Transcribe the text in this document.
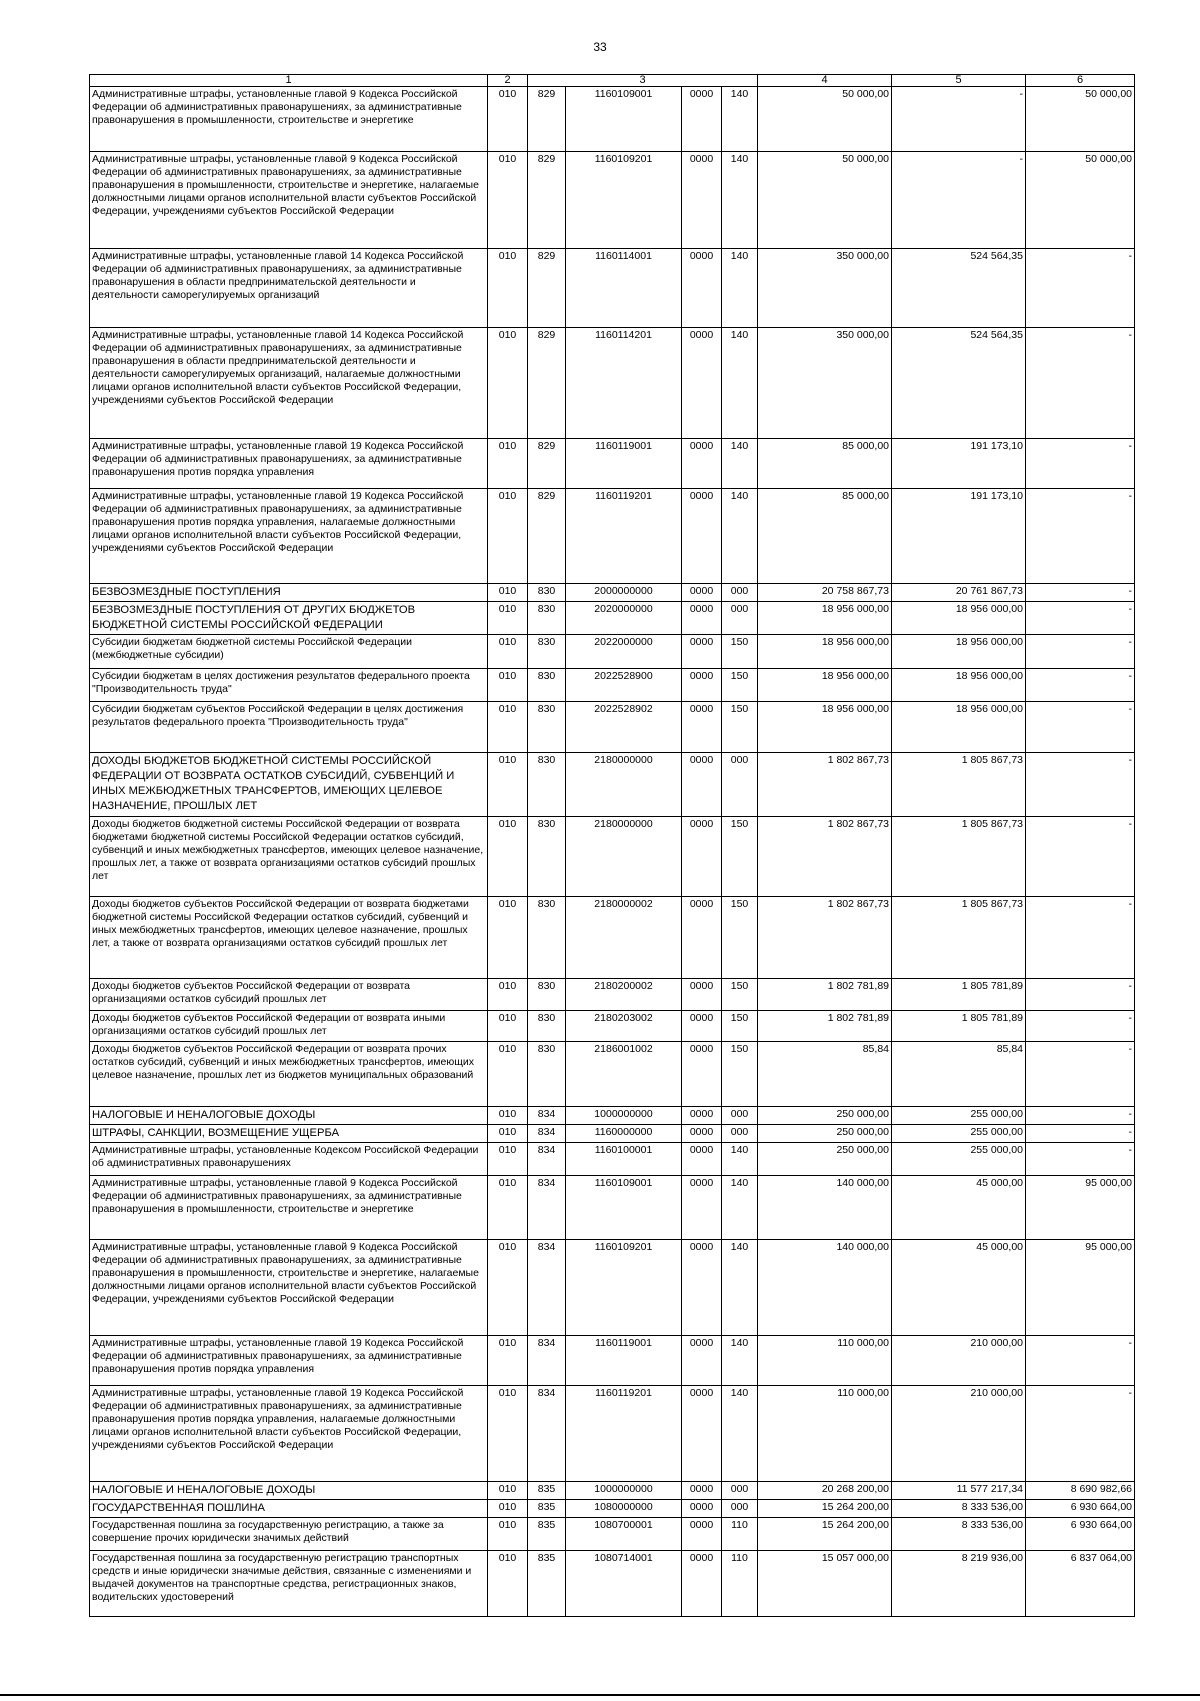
33
1	2	3				4	5	6
Административные штрафы, установленные главой 9 Кодекса Российской Федерации об административных правонарушениях, за административные правонарушения в промышленности, строительстве и энергетике	010	829	1160109001	0000	140	50 000,00	-	50 000,00
Административные штрафы, установленные главой 9 Кодекса Российской Федерации об административных правонарушениях, за административные правонарушения в промышленности, строительстве и энергетике, налагаемые должностными лицами органов исполнительной власти субъектов Российской Федерации, учреждениями субъектов Российской Федерации	010	829	1160109201	0000	140	50 000,00	-	50 000,00
Административные штрафы, установленные главой 14 Кодекса Российской Федерации об административных правонарушениях, за административные правонарушения в области предпринимательской деятельности и деятельности саморегулируемых организаций	010	829	1160114001	0000	140	350 000,00	524 564,35	-
Административные штрафы, установленные главой 14 Кодекса Российской Федерации об административных правонарушениях, за административные правонарушения в области предпринимательской деятельности и деятельности саморегулируемых организаций, налагаемые должностными лицами органов исполнительной власти субъектов Российской Федерации, учреждениями субъектов Российской Федерации	010	829	1160114201	0000	140	350 000,00	524 564,35	-
Административные штрафы, установленные главой 19 Кодекса Российской Федерации об административных правонарушениях, за административные правонарушения против порядка управления	010	829	1160119001	0000	140	85 000,00	191 173,10	-
Административные штрафы, установленные главой 19 Кодекса Российской Федерации об административных правонарушениях, за административные правонарушения против порядка управления, налагаемые должностными лицами органов исполнительной власти субъектов Российской Федерации, учреждениями субъектов Российской Федерации	010	829	1160119201	0000	140	85 000,00	191 173,10	-
БЕЗВОЗМЕЗДНЫЕ ПОСТУПЛЕНИЯ	010	830	2000000000	0000	000	20 758 867,73	20 761 867,73	-
БЕЗВОЗМЕЗДНЫЕ ПОСТУПЛЕНИЯ ОТ ДРУГИХ БЮДЖЕТОВ БЮДЖЕТНОЙ СИСТЕМЫ РОССИЙСКОЙ ФЕДЕРАЦИИ	010	830	2020000000	0000	000	18 956 000,00	18 956 000,00	-
Субсидии бюджетам бюджетной системы Российской Федерации (межбюджетные субсидии)	010	830	2022000000	0000	150	18 956 000,00	18 956 000,00	-
Субсидии бюджетам в целях достижения результатов федерального проекта "Производительность труда"	010	830	2022528900	0000	150	18 956 000,00	18 956 000,00	-
Субсидии бюджетам субъектов Российской Федерации в целях достижения результатов федерального проекта "Производительность труда"	010	830	2022528902	0000	150	18 956 000,00	18 956 000,00	-
ДОХОДЫ БЮДЖЕТОВ БЮДЖЕТНОЙ СИСТЕМЫ РОССИЙСКОЙ ФЕДЕРАЦИИ ОТ ВОЗВРАТА ОСТАТКОВ СУБСИДИЙ, СУБВЕНЦИЙ И ИНЫХ МЕЖБЮДЖЕТНЫХ ТРАНСФЕРТОВ, ИМЕЮЩИХ ЦЕЛЕВОЕ НАЗНАЧЕНИЕ, ПРОШЛЫХ ЛЕТ	010	830	2180000000	0000	000	1 802 867,73	1 805 867,73	-
Доходы бюджетов бюджетной системы Российской Федерации от возврата бюджетами бюджетной системы Российской Федерации остатков субсидий, субвенций и иных межбюджетных трансфертов, имеющих целевое назначение, прошлых лет, а также от возврата организациями остатков субсидий прошлых лет	010	830	2180000000	0000	150	1 802 867,73	1 805 867,73	-
Доходы бюджетов субъектов Российской Федерации от возврата бюджетами бюджетной системы Российской Федерации остатков субсидий, субвенций и иных межбюджетных трансфертов, имеющих целевое назначение, прошлых лет, а также от возврата организациями остатков субсидий прошлых лет	010	830	2180000002	0000	150	1 802 867,73	1 805 867,73	-
Доходы бюджетов субъектов Российской Федерации от возврата организациями остатков субсидий прошлых лет	010	830	2180200002	0000	150	1 802 781,89	1 805 781,89	-
Доходы бюджетов субъектов Российской Федерации от возврата иными организациями остатков субсидий прошлых лет	010	830	2180203002	0000	150	1 802 781,89	1 805 781,89	-
Доходы бюджетов субъектов Российской Федерации от возврата прочих остатков субсидий, субвенций и иных межбюджетных трансфертов, имеющих целевое назначение, прошлых лет из бюджетов муниципальных образований	010	830	2186001002	0000	150	85,84	85,84	-
НАЛОГОВЫЕ И НЕНАЛОГОВЫЕ ДОХОДЫ	010	834	1000000000	0000	000	250 000,00	255 000,00	-
ШТРАФЫ, САНКЦИИ, ВОЗМЕЩЕНИЕ УЩЕРБА	010	834	1160000000	0000	000	250 000,00	255 000,00	-
Административные штрафы, установленные Кодексом Российской Федерации об административных правонарушениях	010	834	1160100001	0000	140	250 000,00	255 000,00	-
Административные штрафы, установленные главой 9 Кодекса Российской Федерации об административных правонарушениях, за административные правонарушения в промышленности, строительстве и энергетике	010	834	1160109001	0000	140	140 000,00	45 000,00	95 000,00
Административные штрафы, установленные главой 9 Кодекса Российской Федерации об административных правонарушениях, за административные правонарушения в промышленности, строительстве и энергетике, налагаемые должностными лицами органов исполнительной власти субъектов Российской Федерации, учреждениями субъектов Российской Федерации	010	834	1160109201	0000	140	140 000,00	45 000,00	95 000,00
Административные штрафы, установленные главой 19 Кодекса Российской Федерации об административных правонарушениях, за административные правонарушения против порядка управления	010	834	1160119001	0000	140	110 000,00	210 000,00	-
Административные штрафы, установленные главой 19 Кодекса Российской Федерации об административных правонарушениях, за административные правонарушения против порядка управления, налагаемые должностными лицами органов исполнительной власти субъектов Российской Федерации, учреждениями субъектов Российской Федерации	010	834	1160119201	0000	140	110 000,00	210 000,00	-
НАЛОГОВЫЕ И НЕНАЛОГОВЫЕ ДОХОДЫ	010	835	1000000000	0000	000	20 268 200,00	11 577 217,34	8 690 982,66
ГОСУДАРСТВЕННАЯ ПОШЛИНА	010	835	1080000000	0000	000	15 264 200,00	8 333 536,00	6 930 664,00
Государственная пошлина за государственную регистрацию, а также за совершение прочих юридически значимых действий	010	835	1080700001	0000	110	15 264 200,00	8 333 536,00	6 930 664,00
Государственная пошлина за государственную регистрацию транспортных средств и иные юридически значимые действия, связанные с изменениями и выдачей документов на транспортные средства, регистрационных знаков, водительских удостоверений	010	835	1080714001	0000	110	15 057 000,00	8 219 936,00	6 837 064,00
